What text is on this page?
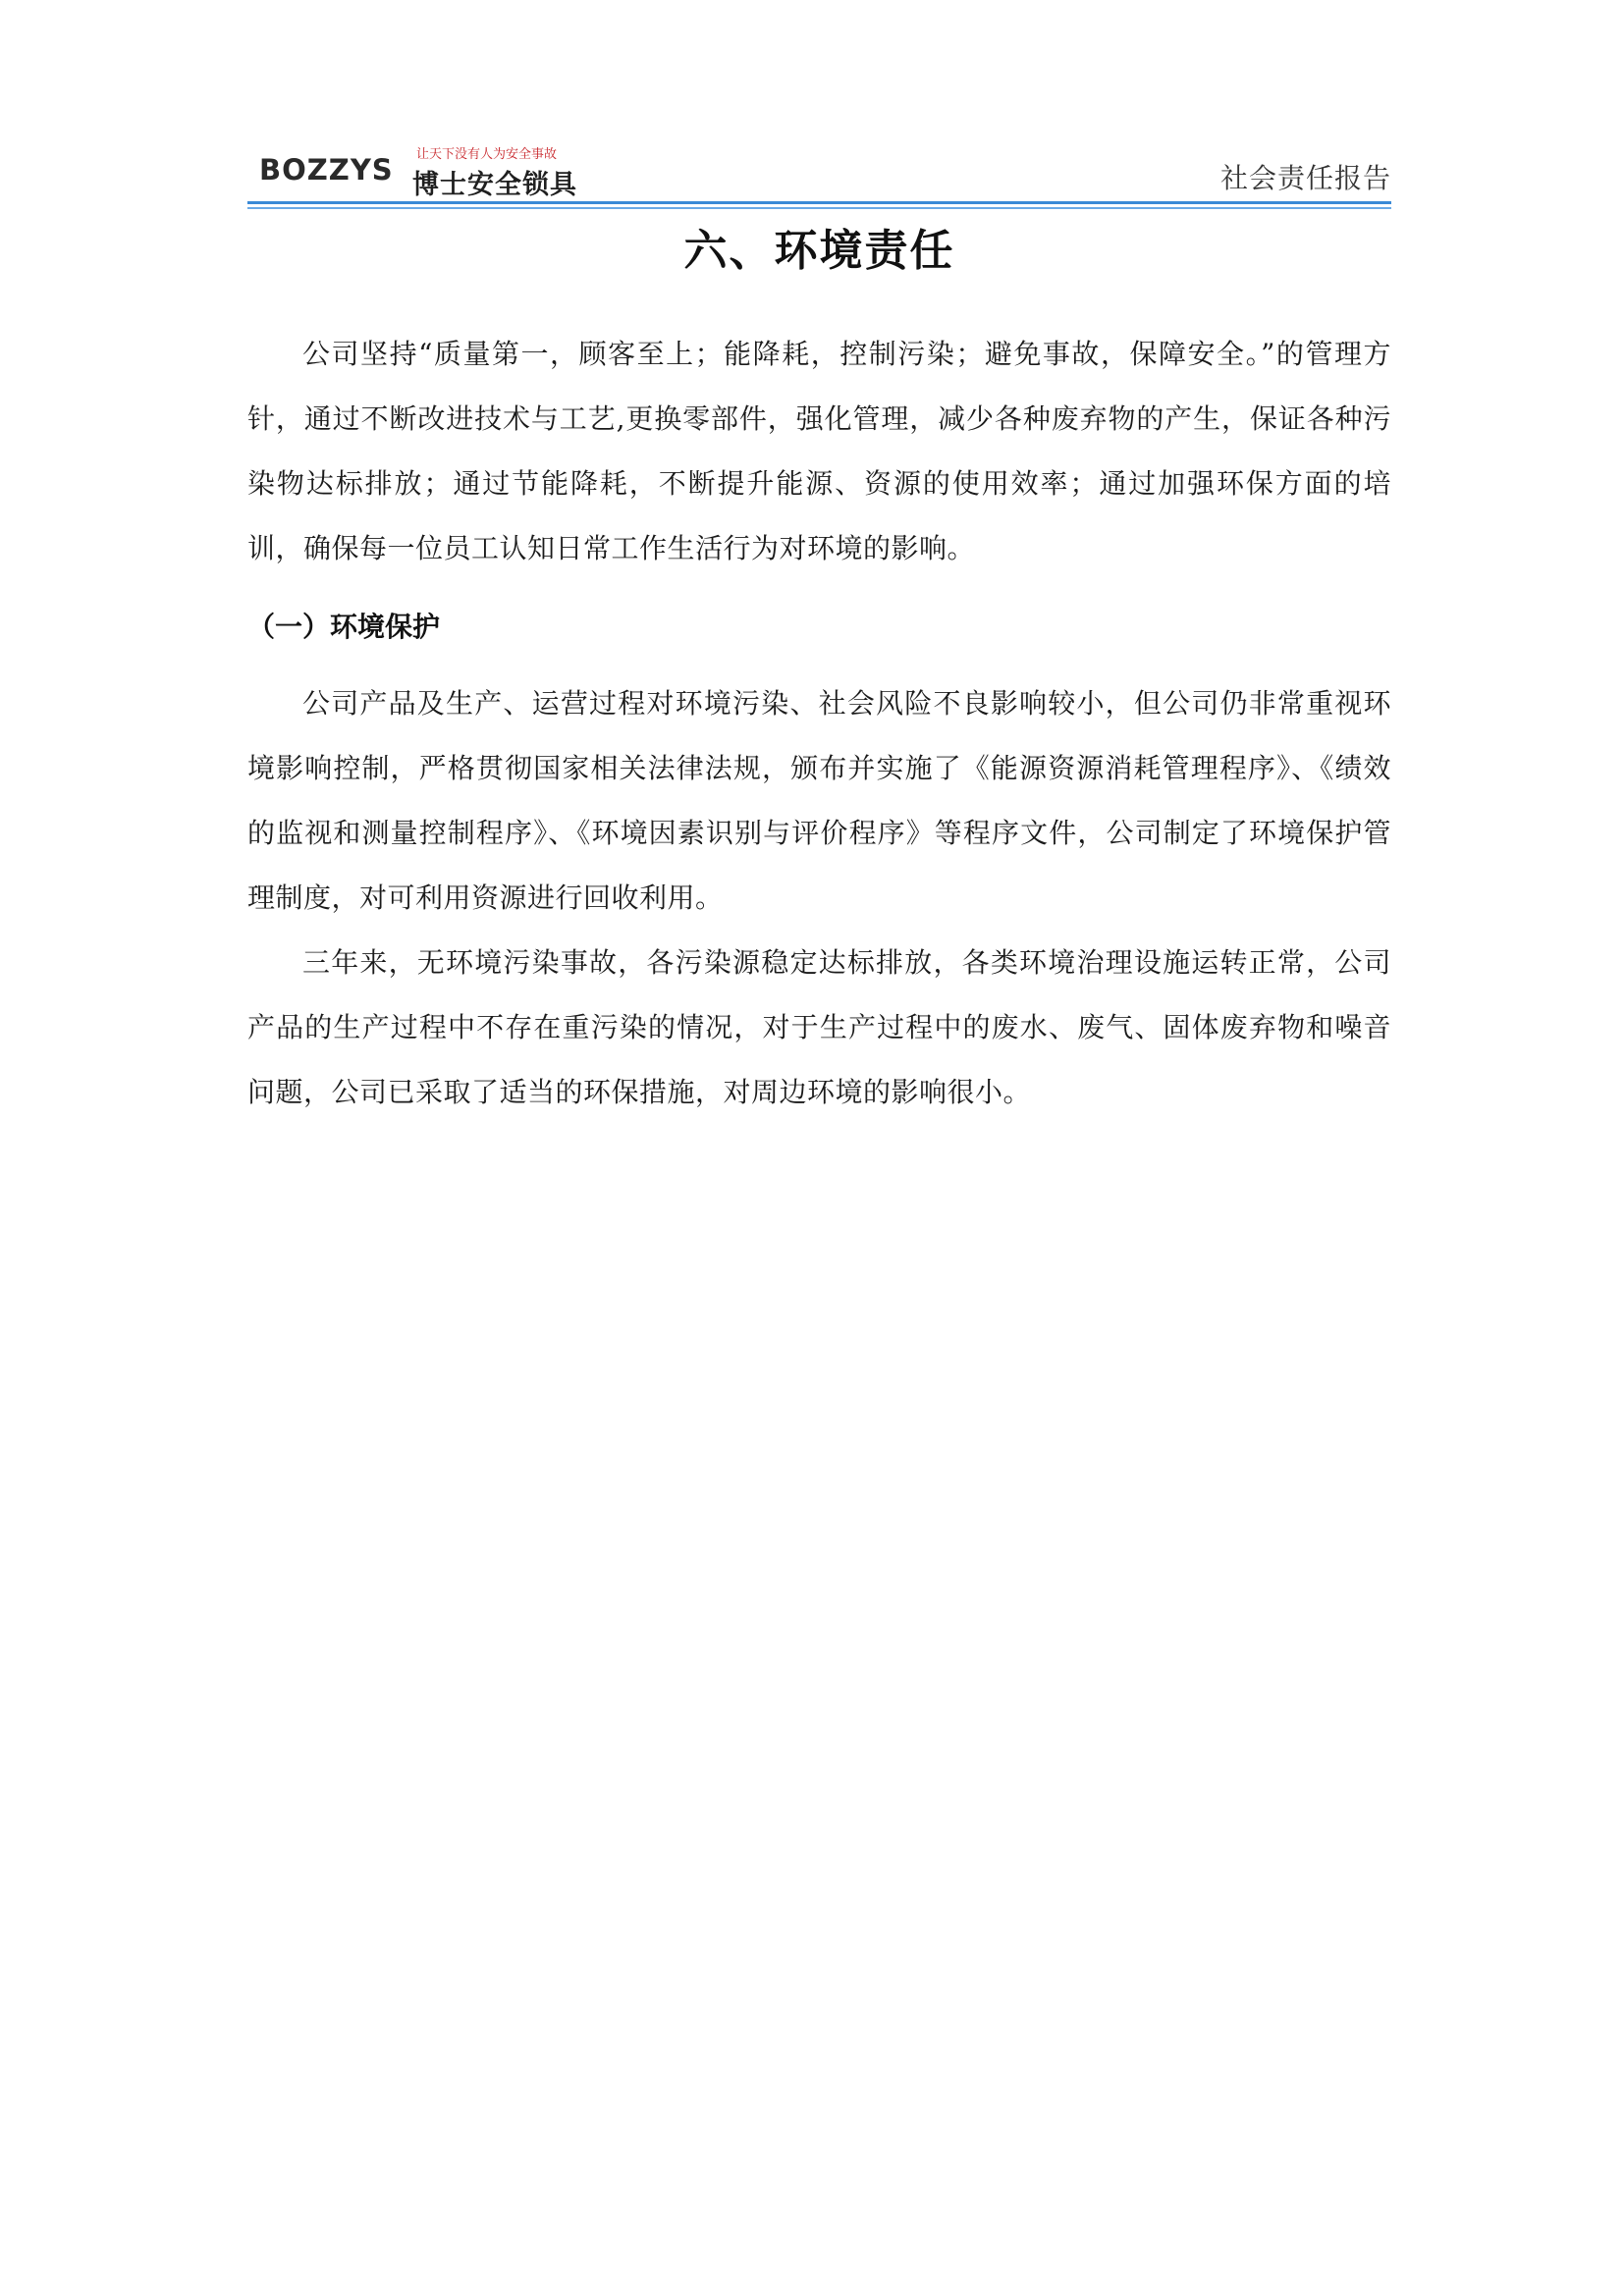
BOZZYS 让天下没有人为安全事故
博士安全锁具	社会责任报告
六、环境责任

公司坚持“质量第一，顾客至上；能降耗，控制污染；避免事故，保障安全。”的管理方针，通过不断改进技术与工艺,更换零部件，强化管理，减少各种废弃物的产生，保证各种污染物达标排放；通过节能降耗，不断提升能源、资源的使用效率；通过加强环保方面的培训，确保每一位员工认知日常工作生活行为对环境的影响。

（一）环境保护

公司产品及生产、运营过程对环境污染、社会风险不良影响较小，但公司仍非常重视环境影响控制，严格贯彻国家相关法律法规，颁布并实施了《能源资源消耗管理程序》、《绩效的监视和测量控制程序》、《环境因素识别与评价程序》等程序文件，公司制定了环境保护管理制度，对可利用资源进行回收利用。

三年来，无环境污染事故，各污染源稳定达标排放，各类环境治理设施运转正常，公司产品的生产过程中不存在重污染的情况，对于生产过程中的废水、废气、固体废弃物和噪音问题，公司已采取了适当的环保措施，对周边环境的影响很小。
